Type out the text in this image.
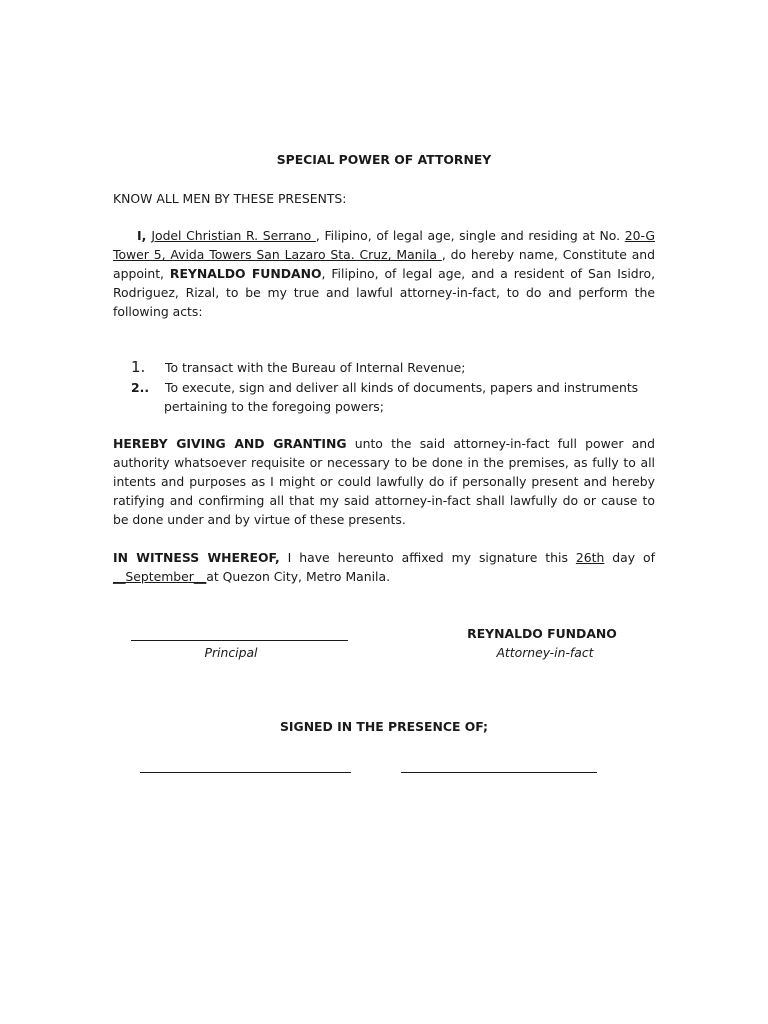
SPECIAL POWER OF ATTORNEY
KNOW ALL MEN BY THESE PRESENTS:
I, Jodel Christian R. Serrano , Filipino, of legal age, single and residing at No. 20-G Tower 5, Avida Towers San Lazaro Sta. Cruz, Manila , do hereby name, Constitute and appoint, REYNALDO FUNDANO, Filipino, of legal age, and a resident of San Isidro, Rodriguez, Rizal, to be my true and lawful attorney-in-fact, to do and perform the following acts:
1. To transact with the Bureau of Internal Revenue;
2.. To execute, sign and deliver all kinds of documents, papers and instruments
pertaining to the foregoing powers;
HEREBY GIVING AND GRANTING unto the said attorney-in-fact full power and authority whatsoever requisite or necessary to be done in the premises, as fully to all intents and purposes as I might or could lawfully do if personally present and hereby ratifying and confirming all that my said attorney-in-fact shall lawfully do or cause to be done under and by virtue of these presents.
IN WITNESS WHEREOF, I have hereunto affixed my signature this 26th day of __September__at Quezon City, Metro Manila.
Principal
REYNALDO FUNDANO
Attorney-in-fact
SIGNED IN THE PRESENCE OF;
